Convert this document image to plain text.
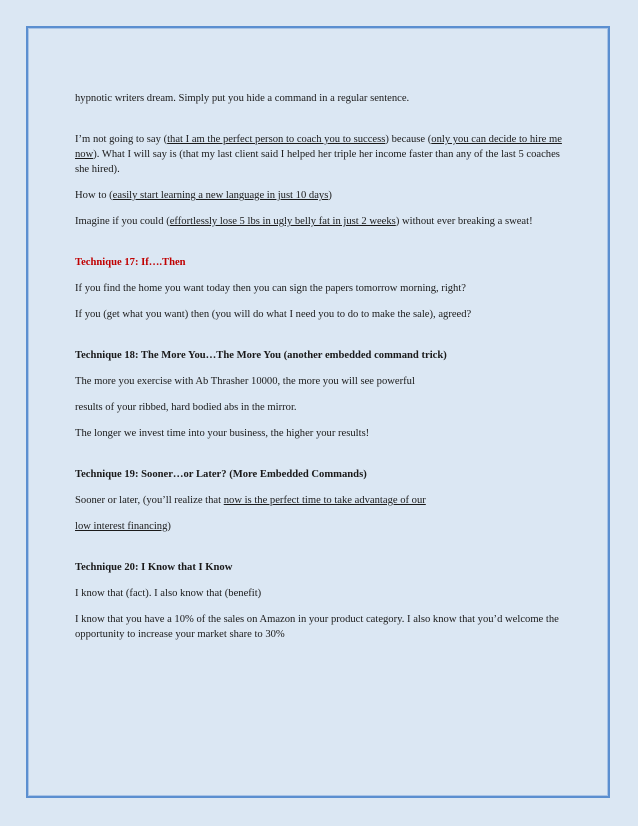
hypnotic writers dream. Simply put you hide a command in a regular sentence.

I’m not going to say (that I am the perfect person to coach you to success) because (only you can decide to hire me now). What I will say is (that my last client said I helped her triple her income faster than any of the last 5 coaches she hired).

How to (easily start learning a new language in just 10 days)

Imagine if you could (effortlessly lose 5 lbs in ugly belly fat in just 2 weeks) without ever breaking a sweat!

Technique 17: If….Then

If you find the home you want today then you can sign the papers tomorrow morning, right?

If you (get what you want) then (you will do what I need you to do to make the sale), agreed?

Technique 18: The More You…The More You (another embedded command trick)

The more you exercise with Ab Thrasher 10000, the more you will see powerful

results of your ribbed, hard bodied abs in the mirror.

The longer we invest time into your business, the higher your results!

Technique 19: Sooner…or Later? (More Embedded Commands)

Sooner or later, (you’ll realize that now is the perfect time to take advantage of our

low interest financing)

Technique 20: I Know that I Know

I know that (fact). I also know that (benefit)

I know that you have a 10% of the sales on Amazon in your product category. I also know that you’d welcome the opportunity to increase your market share to 30%
